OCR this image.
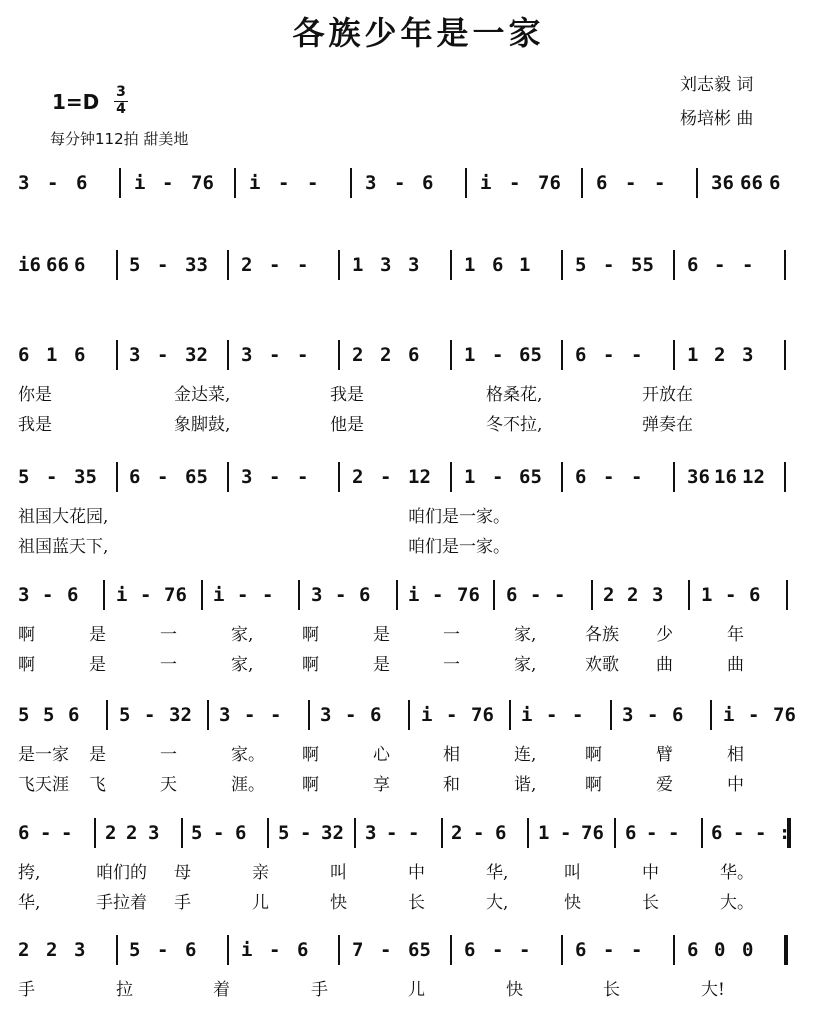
各族少年是一家
1=D 3
4
每分钟112拍 甜美地
刘志毅 词
杨培彬 曲
3 - 6 i - 76 i - - 3 - 6 i - 76 6 - - 36 66 6
i6 66 6 5 - 33 2 - - 1 3 3 1 6 1 5 - 55 6 - -
6 1 6 3 - 32 3 - - 2 2 6 1 - 65 6 - - 1 2 3
你是	金达菜,	我是	格桑花,	开放在
我是	象脚鼓,	他是	冬不拉,	弹奏在
5 - 35 6 - 65 3 - - 2 - 12 1 - 65 6 - - 36 16 12
祖国大花园,	咱们是一家。
祖国蓝天下,	咱们是一家。
3 - 6 i - 76 i - - 3 - 6 i - 76 6 - - 2 2 3 1 - 6
啊	是	一	家,	啊	是	一	家,	各族 少	年
啊	是	一	家,	啊	是	一	家,	欢歌 曲	曲
5 5 6 5 - 32 3 - - 3 - 6 i - 76 i - - 3 - 6 i - 76
是一家 是	一	家。 啊	心	相	连,	啊	臂	相
飞天涯 飞	天	涯。 啊	享	和	谐,	啊	爱	中
6 - - 2 2 3 5 - 6 5 - 32 3 - - 2 - 6 1 - 76 6 - - 6 - - :
挎,	咱们的 母	亲	叫	中	华,	叫	中	华。
华,	手拉着 手	儿	快	长	大,	快	长	大。
2 2 3 5 - 6 i - 6 7 - 65 6 - - 6 - - 6 0 0
手	拉	着	手	儿	快	长	大!
